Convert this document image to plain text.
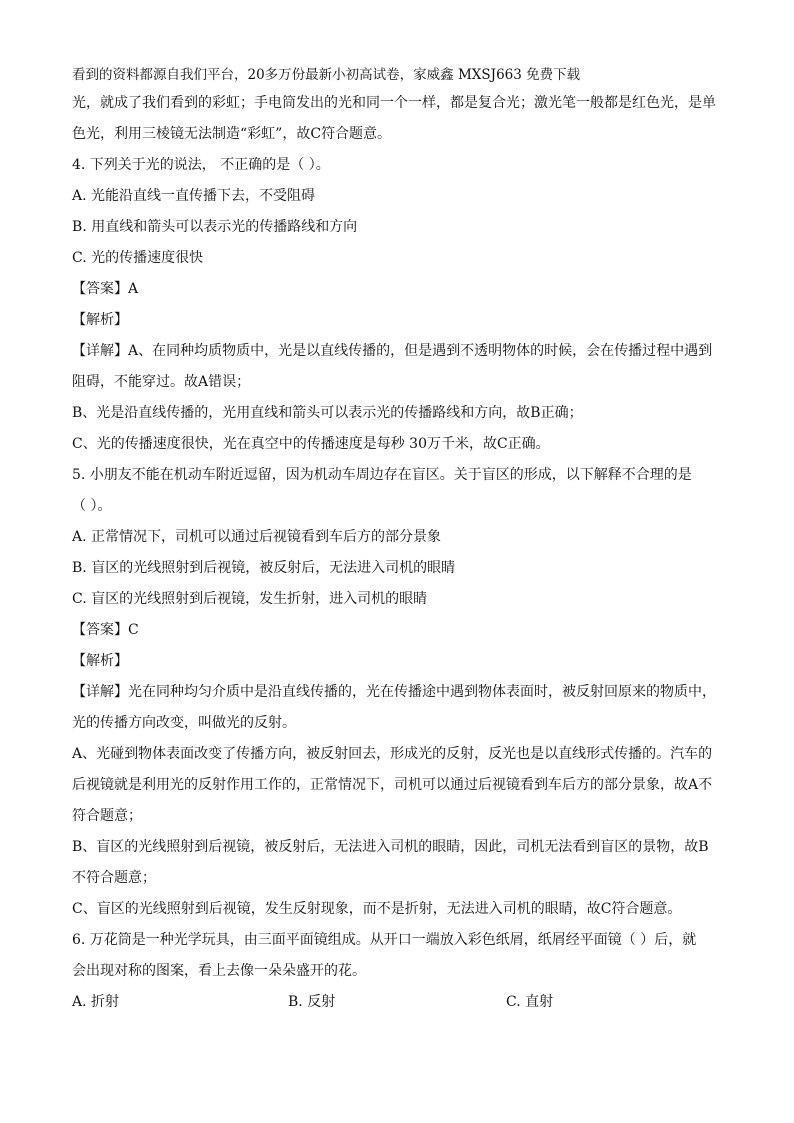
看到的资料都源自我们平台，20多万份最新小初高试卷，家威鑫 MXSJ663 免费下载
光，就成了我们看到的彩虹；手电筒发出的光和同一个一样，都是复合光；激光笔一般都是红色光，是单
色光，利用三棱镜无法制造“彩虹”，故C符合题意。
4. 下列关于光的说法， 不正确的是（ ）。
A. 光能沿直线一直传播下去，不受阻碍
B. 用直线和箭头可以表示光的传播路线和方向
C. 光的传播速度很快
【答案】A
【解析】
【详解】A、在同种均质物质中，光是以直线传播的，但是遇到不透明物体的时候，会在传播过程中遇到
阻碍，不能穿过。故A错误；
B、光是沿直线传播的，光用直线和箭头可以表示光的传播路线和方向，故B正确；
C、光的传播速度很快，光在真空中的传播速度是每秒 30万千米，故C正确。
5. 小朋友不能在机动车附近逗留，因为机动车周边存在盲区。关于盲区的形成，以下解释不合理的是
（ ）。
A. 正常情况下，司机可以通过后视镜看到车后方的部分景象
B. 盲区的光线照射到后视镜，被反射后，无法进入司机的眼睛
C. 盲区的光线照射到后视镜，发生折射，进入司机的眼睛
【答案】C
【解析】
【详解】光在同种均匀介质中是沿直线传播的，光在传播途中遇到物体表面时，被反射回原来的物质中，
光的传播方向改变，叫做光的反射。
A、光碰到物体表面改变了传播方向，被反射回去，形成光的反射，反光也是以直线形式传播的。汽车的
后视镜就是利用光的反射作用工作的，正常情况下，司机可以通过后视镜看到车后方的部分景象，故A不
符合题意；
B、盲区的光线照射到后视镜，被反射后，无法进入司机的眼睛，因此，司机无法看到盲区的景物，故B
不符合题意；
C、盲区的光线照射到后视镜，发生反射现象，而不是折射，无法进入司机的眼睛，故C符合题意。
6. 万花筒是一种光学玩具，由三面平面镜组成。从开口一端放入彩色纸屑，纸屑经平面镜（ ）后，就
会出现对称的图案，看上去像一朵朵盛开的花。
A. 折射	B. 反射	C. 直射
